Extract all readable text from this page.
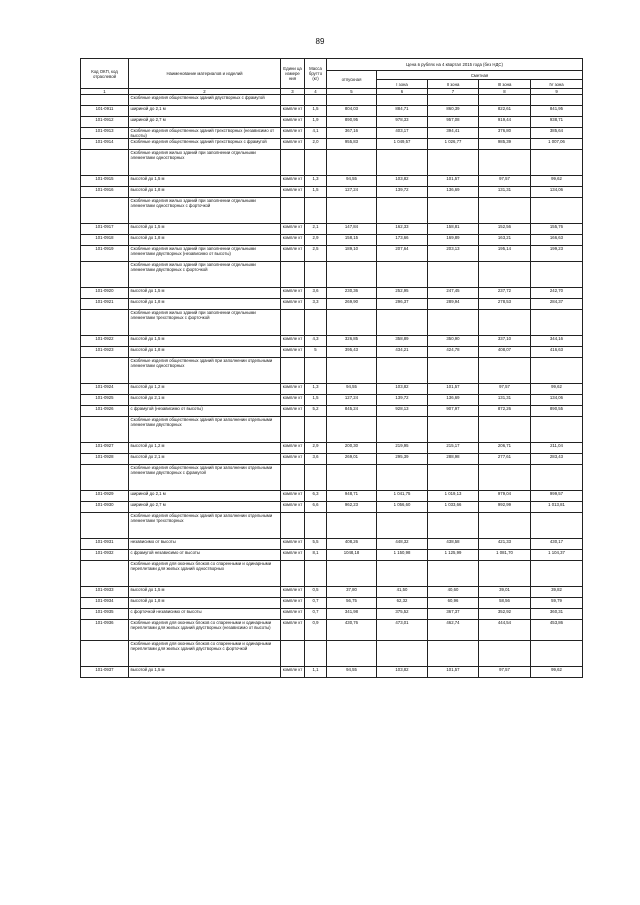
89
Код ОКП, код отраслевой	Наименование материалов и изделий	Едини ца измере ния	Масса брутто (кг)	Цена в рублях на 4 квартал 2015 года (без НДС)				
				отпускная	Сметная			
					I зона	II зона	III зона	IV зона
1	2	3	4	5	6	7	8	9
	Скобяные изделия общественных зданий двустворных с фрамугой							
101-0911	шириной до 2,1 м	компле кт	1,5	804,03	884,71	860,39	822,61	841,95
101-0912	шириной до 2,7 м	компле кт	1,9	890,95	978,33	957,08	919,44	938,71
101-0913	Скобяные изделия общественных зданий трехстворных (независимо от высоты)	компле кт	4,1	367,16	403,17	394,41	376,80	385,64
101-0914	Скобяные изделия общественных зданий трехстворных с фрамугой	компле кт	2,0	955,83	1 049,57	1 026,77	985,39	1 007,06
	Скобяные изделия жилых зданий при заполнении отдельными элементами одностворных							
101-0915	высотой до 1,5 м	компле кт	1,3	94,55	103,82	101,57	97,57	99,62
101-0916	высотой до 1,8 м	компле кт	1,5	127,24	139,72	136,69	131,31	134,06
	Скобяные изделия жилых зданий при заполнении отдельными элементами одностворных с форточкой							
101-0917	высотой до 1,5 м	компле кт	2,1	147,84	162,33	158,81	152,56	155,76
101-0918	высотой до 1,8 м	компле кт	2,9	158,15	173,66	169,89	163,21	166,63
101-0919	Скобяные изделия жилых зданий при заполнении отдельными элементами двустворных (независимо от высоты)	компле кт	2,5	189,10	207,64	203,13	195,14	199,23
	Скобяные изделия жилых зданий при заполнении отдельными элементами двустворных с форточкой							
101-0920	высотой до 1,5 м	компле кт	3,6	230,36	252,95	247,45	237,72	242,70
101-0921	высотой до 1,8 м	компле кт	3,3	269,90	296,37	289,94	278,53	284,37
	Скобяные изделия жилых зданий при заполнении отдельными элементами трехстворных с форточкой							
101-0922	высотой до 1,5 м	компле кт	4,3	326,85	358,89	350,90	337,10	344,16
101-0923	высотой до 1,8 м	компле кт	5	395,43	434,21	424,78	408,07	416,63
	Скобяные изделия общественных зданий при заполнении отдельными элементами одностворных							
101-0924	высотой до 1,2 м	компле кт	1,3	94,55	103,82	101,57	97,57	99,62
101-0925	высотой до 2,1 м	компле кт	1,5	127,24	139,72	136,69	131,31	134,06
101-0926	с фрамугой (независимо от высоты)	компле кт	5,2	845,24	928,13	907,97	872,26	890,55
	Скобяные изделия общественных зданий при заполнении отдельными элементами двустворных							
101-0927	высотой до 1,2 м	компле кт	2,9	200,30	219,95	215,17	206,71	211,04
101-0928	высотой до 2,1 м	компле кт	3,6	269,01	295,39	288,98	277,61	283,43
	Скобяные изделия общественных зданий при заполнении отдельными элементами двустворных с фрамугой							
101-0929	шириной до 2,1 м	компле кт	6,3	948,71	1 041,75	1 019,13	979,04	999,57
101-0930	шириной до 2,7 м	компле кт	6,6	962,23	1 056,60	1 033,66	992,99	1 013,81
	Скобяные изделия общественных зданий при заполнении отдельными элементами трехстворных							
101-0931	независимо от высоты	компле кт	5,5	408,26	448,32	438,58	421,33	430,17
101-0932	с фрамугой независимо от высоты	компле кт	8,1	1048,18	1 150,98	1 125,99	1 081,70	1 104,37
	Скобяные изделия для оконных блоков со спаренными и одинарными переплетами для жилых зданий одностворных							
101-0933	высотой до 1,5 м	компле кт	0,5	37,80	41,50	40,60	39,01	39,82
101-0934	высотой до 1,8 м	компле кт	0,7	56,75	62,32	60,96	58,56	59,79
101-0935	с форточкой независимо от высоты	компле кт	0,7	341,98	375,52	367,37	352,92	360,31
101-0936	Скобяные изделия для оконных блоков со спаренными и одинарными переплетами для жилых зданий двустворных (независимо от высоты)	компле кт	0,9	430,76	473,01	462,74	444,54	453,86
	Скобяные изделия для оконных блоков со спаренными и одинарными переплетами для жилых зданий двустворных с форточкой							
101-0937	высотой до 1,5 м	компле кт	1,1	94,55	103,82	101,57	97,57	99,62
